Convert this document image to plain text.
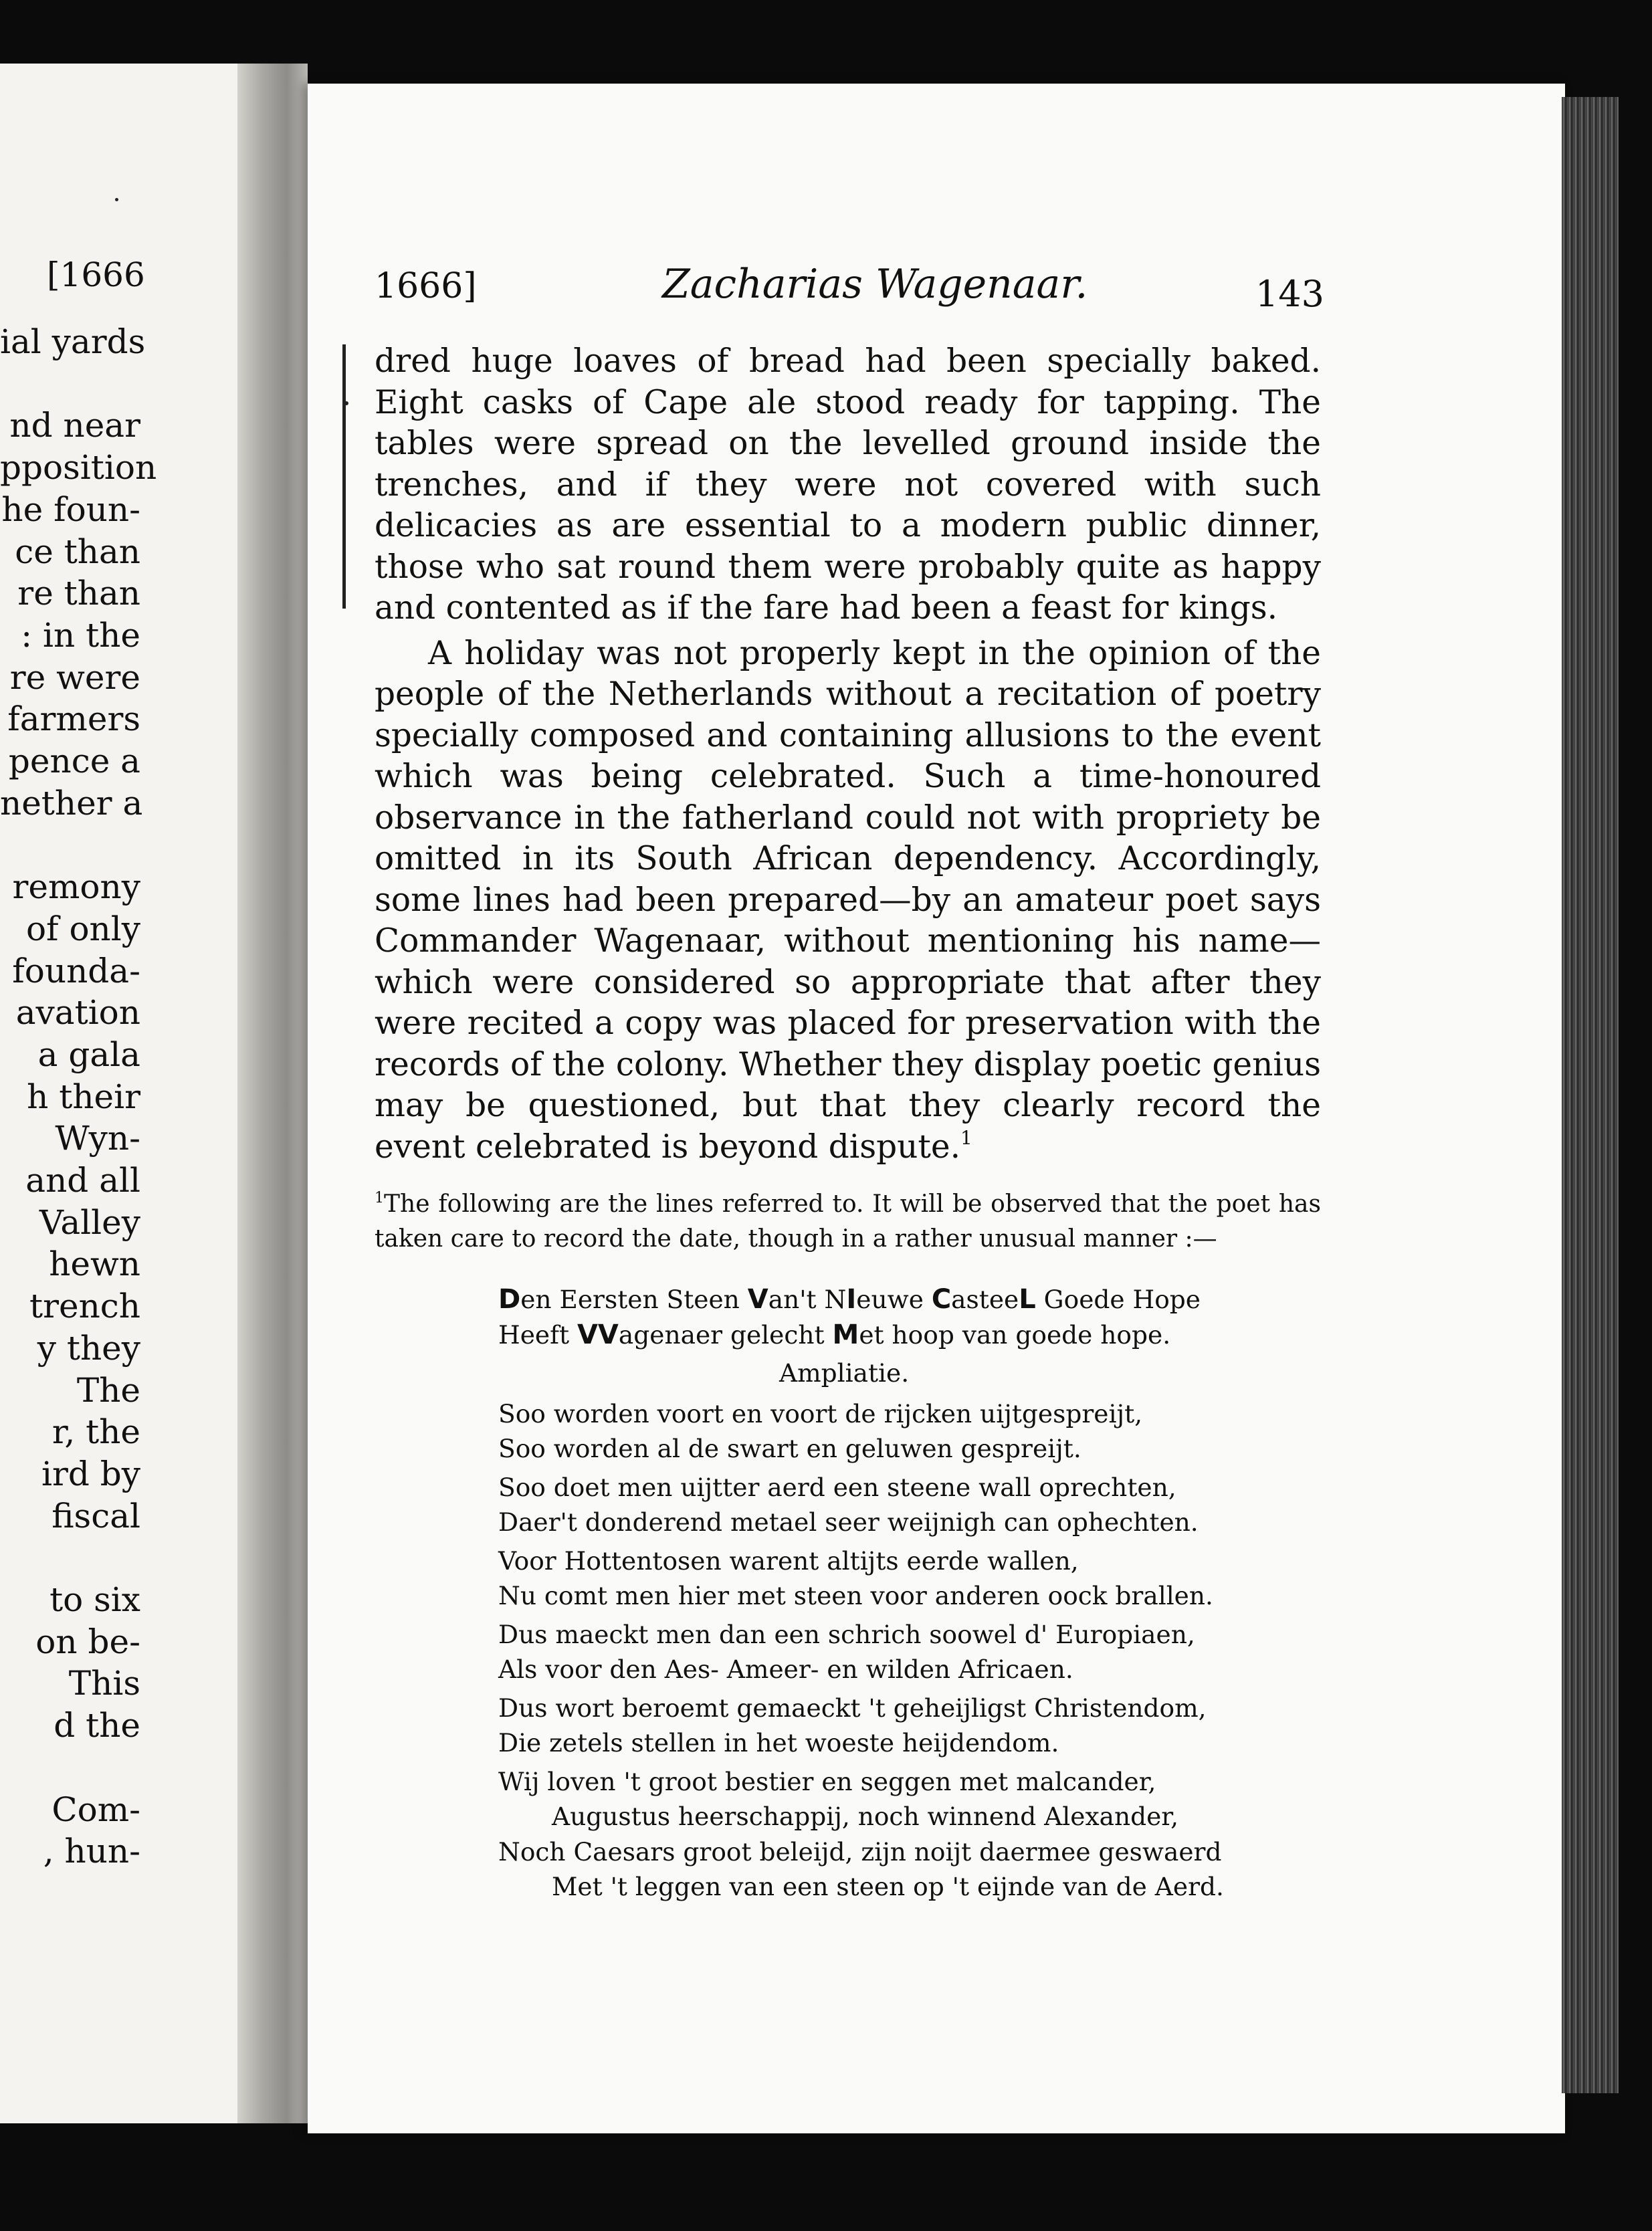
[1666
ial yards
nd near
pposition
he foun-
ce than
re than
: in the
re were
farmers
pence a
nether a
remony
of only
founda-
avation
a gala
h their
Wyn-
and all
Valley
hewn
trench
y they
The
r, the
ird by
fiscal
to six
on be-
This
d the
Com-
, hun-
1666]	Zacharias Wagenaar.	143

dred huge loaves of bread had been specially baked. Eight casks of Cape ale stood ready for tapping. The tables were spread on the levelled ground inside the trenches, and if they were not covered with such delicacies as are essential to a modern public dinner, those who sat round them were probably quite as happy and contented as if the fare had been a feast for kings.

A holiday was not properly kept in the opinion of the people of the Netherlands without a recitation of poetry specially composed and containing allusions to the event which was being celebrated. Such a time-honoured observance in the fatherland could not with propriety be omitted in its South African dependency. Accordingly, some lines had been prepared—by an amateur poet says Commander Wagenaar, without mentioning his name—which were considered so appropriate that after they were recited a copy was placed for preservation with the records of the colony. Whether they display poetic genius may be questioned, but that they clearly record the event celebrated is beyond dispute.$^1$

$^1$The following are the lines referred to. It will be observed that the poet has taken care to record the date, though in a rather unusual manner :—

Den Eersten Steen Van't NIeuwe CasteeL Goede Hope
Heeft VVagenaer gelecht Met hoop van goede hope.
Ampliatie.
Soo worden voort en voort de rijcken uijtgespreijt,
Soo worden al de swart en geluwen gespreijt.
Soo doet men uijtter aerd een steene wall oprechten,
Daer't donderend metael seer weijnigh can ophechten.
Voor Hottentosen warent altijts eerde wallen,
Nu comt men hier met steen voor anderen oock brallen.
Dus maeckt men dan een schrich soowel d' Europiaen,
Als voor den Aes- Ameer- en wilden Africaen.
Dus wort beroemt gemaeckt 't geheijligst Christendom,
Die zetels stellen in het woeste heijdendom.
Wij loven 't groot bestier en seggen met malcander,
Augustus heerschappij, noch winnend Alexander,
Noch Caesars groot beleijd, zijn noijt daermee geswaerd
Met 't leggen van een steen op 't eijnde van de Aerd.
